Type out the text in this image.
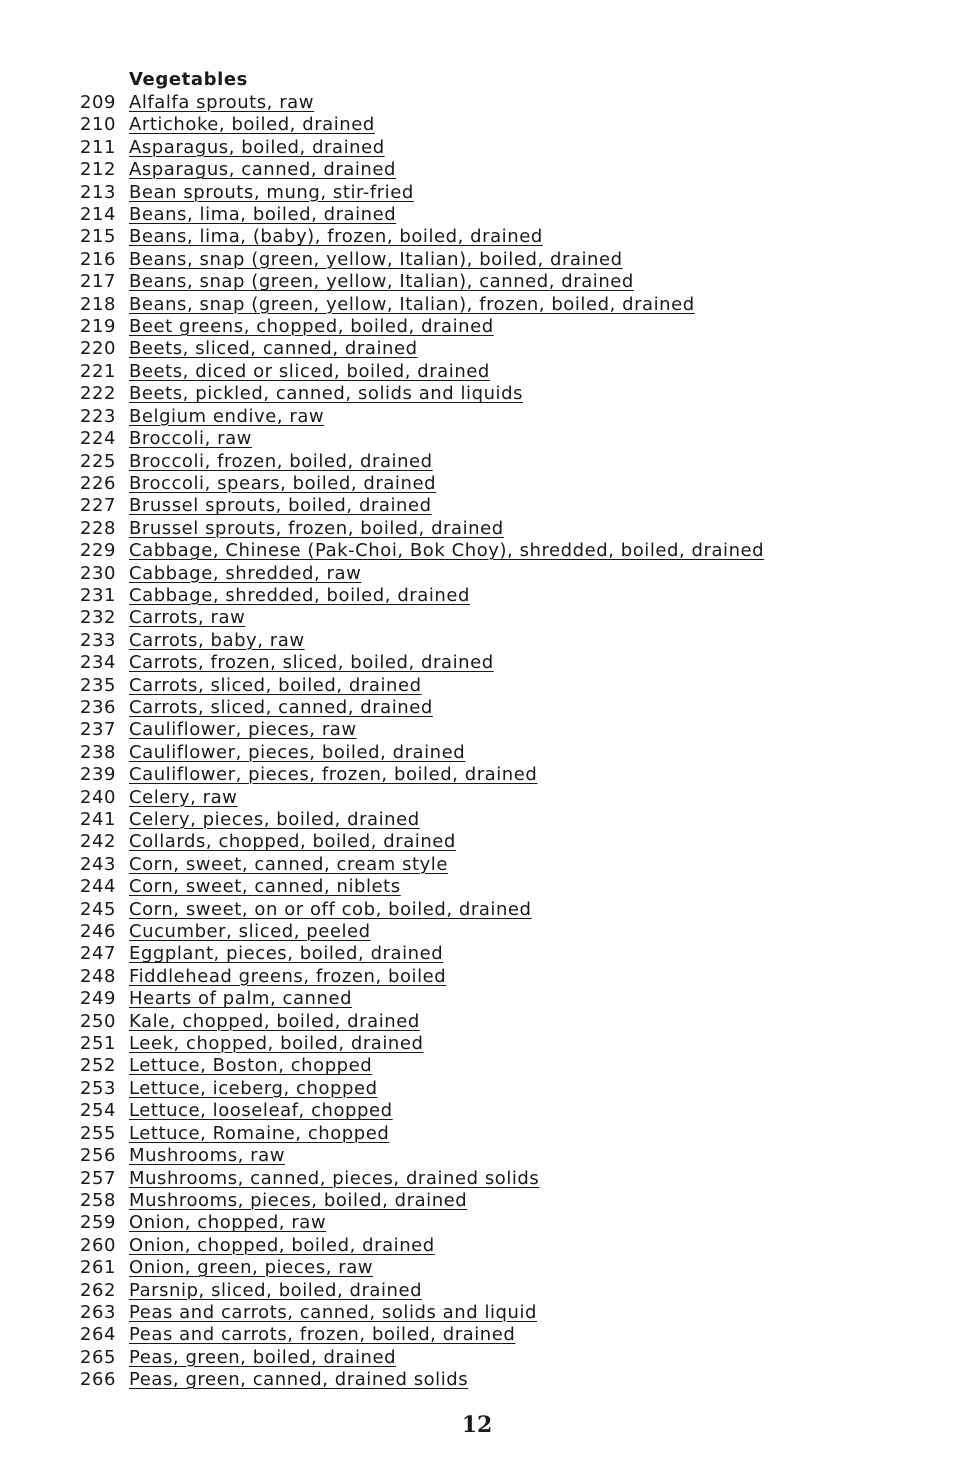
Vegetables
209 Alfalfa sprouts, raw
210 Artichoke, boiled, drained
211 Asparagus, boiled, drained
212 Asparagus, canned, drained
213 Bean sprouts, mung, stir-fried
214 Beans, lima, boiled, drained
215 Beans, lima, (baby), frozen, boiled, drained
216 Beans, snap (green, yellow, Italian), boiled, drained
217 Beans, snap (green, yellow, Italian), canned, drained
218 Beans, snap (green, yellow, Italian), frozen, boiled, drained
219 Beet greens, chopped, boiled, drained
220 Beets, sliced, canned, drained
221 Beets, diced or sliced, boiled, drained
222 Beets, pickled, canned, solids and liquids
223 Belgium endive, raw
224 Broccoli, raw
225 Broccoli, frozen, boiled, drained
226 Broccoli, spears, boiled, drained
227 Brussel sprouts, boiled, drained
228 Brussel sprouts, frozen, boiled, drained
229 Cabbage, Chinese (Pak-Choi, Bok Choy), shredded, boiled, drained
230 Cabbage, shredded, raw
231 Cabbage, shredded, boiled, drained
232 Carrots, raw
233 Carrots, baby, raw
234 Carrots, frozen, sliced, boiled, drained
235 Carrots, sliced, boiled, drained
236 Carrots, sliced, canned, drained
237 Cauliflower, pieces, raw
238 Cauliflower, pieces, boiled, drained
239 Cauliflower, pieces, frozen, boiled, drained
240 Celery, raw
241 Celery, pieces, boiled, drained
242 Collards, chopped, boiled, drained
243 Corn, sweet, canned, cream style
244 Corn, sweet, canned, niblets
245 Corn, sweet, on or off cob, boiled, drained
246 Cucumber, sliced, peeled
247 Eggplant, pieces, boiled, drained
248 Fiddlehead greens, frozen, boiled
249 Hearts of palm, canned
250 Kale, chopped, boiled, drained
251 Leek, chopped, boiled, drained
252 Lettuce, Boston, chopped
253 Lettuce, iceberg, chopped
254 Lettuce, looseleaf, chopped
255 Lettuce, Romaine, chopped
256 Mushrooms, raw
257 Mushrooms, canned, pieces, drained solids
258 Mushrooms, pieces, boiled, drained
259 Onion, chopped, raw
260 Onion, chopped, boiled, drained
261 Onion, green, pieces, raw
262 Parsnip, sliced, boiled, drained
263 Peas and carrots, canned, solids and liquid
264 Peas and carrots, frozen, boiled, drained
265 Peas, green, boiled, drained
266 Peas, green, canned, drained solids
12
